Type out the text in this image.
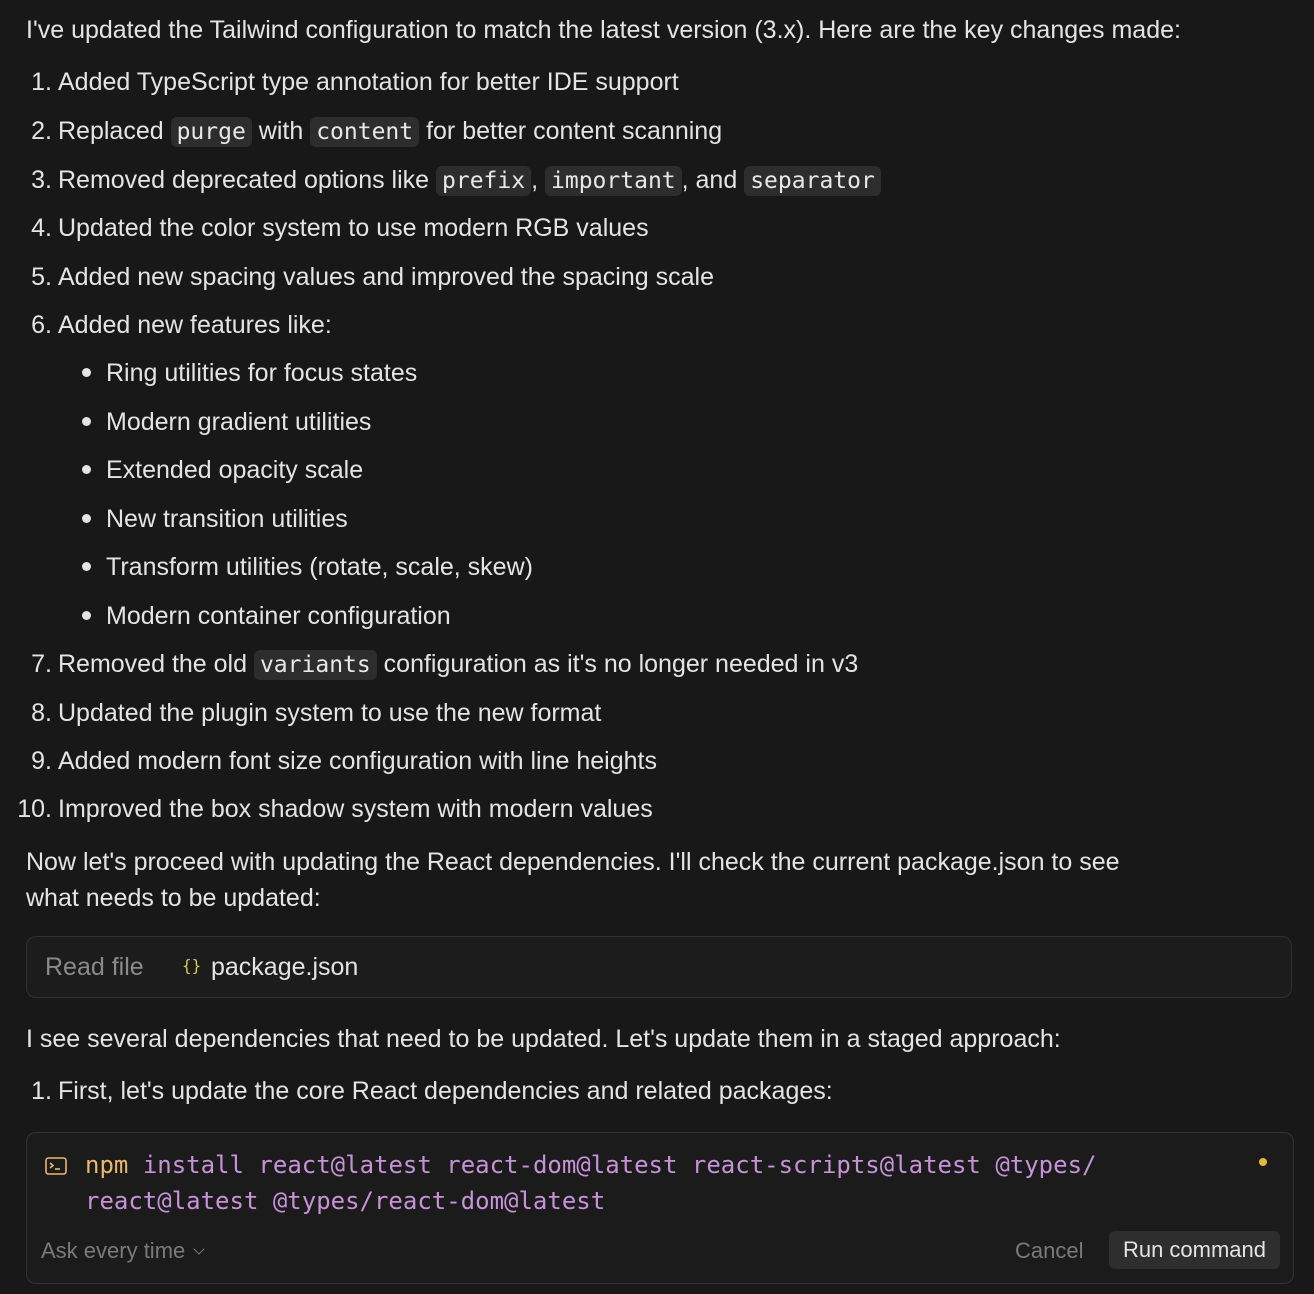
I've updated the Tailwind configuration to match the latest version (3.x). Here are the key changes made:

1. Added TypeScript type annotation for better IDE support
2. Replaced purge with content for better content scanning
3. Removed deprecated options like prefix , important , and separator
4. Updated the color system to use modern RGB values
5. Added new spacing values and improved the spacing scale
6. Added new features like:
7. Removed the old variants configuration as it's no longer needed in v3
8. Updated the plugin system to use the new format
9. Added modern font size configuration with line heights
10. Improved the box shadow system with modern values
Ring utilities for focus states
Modern gradient utilities
Extended opacity scale
New transition utilities
Transform utilities (rotate, scale, skew)
Modern container configuration

Now let's proceed with updating the React dependencies. I'll check the current package.json to see

what needs to be updated:

Read file {} package.json

I see several dependencies that need to be updated. Let's update them in a staged approach:

1. First, let's update the core React dependencies and related packages:
npm install react@latest react-dom@latest react-scripts@latest @types/
react@latest @types/react-dom@latest
Ask every time	Cancel	Run command
